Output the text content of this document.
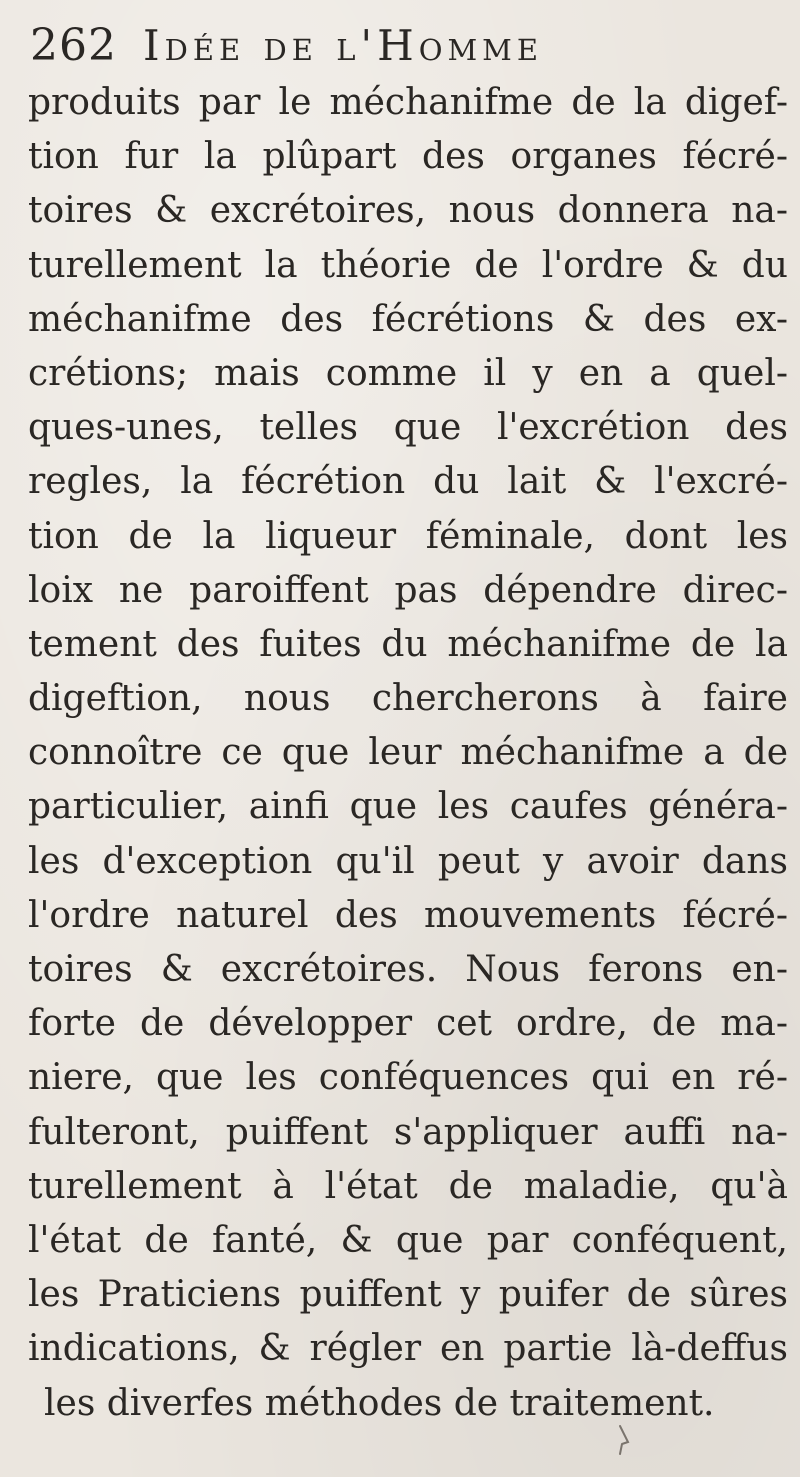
262 Idée de l'Homme
produits par le méchanifme de la digef-
tion fur la plûpart des organes fécré-
toires & excrétoires, nous donnera na-
turellement la théorie de l'ordre & du
méchanifme des fécrétions & des ex-
crétions; mais comme il y en a quel-
ques-unes, telles que l'excrétion des
regles, la fécrétion du lait & l'excré-
tion de la liqueur féminale, dont les
loix ne paroiffent pas dépendre direc-
tement des fuites du méchanifme de la
digeftion, nous chercherons à faire
connoître ce que leur méchanifme a de
particulier, ainfi que les caufes généra-
les d'exception qu'il peut y avoir dans
l'ordre naturel des mouvements fécré-
toires & excrétoires. Nous ferons en-
forte de développer cet ordre, de ma-
niere, que les conféquences qui en ré-
fulteront, puiffent s'appliquer auffi na-
turellement à l'état de maladie, qu'à
l'état de fanté, & que par conféquent,
les Praticiens puiffent y puifer de sûres
indications, & régler en partie là-deffus
les diverfes méthodes de traitement.
